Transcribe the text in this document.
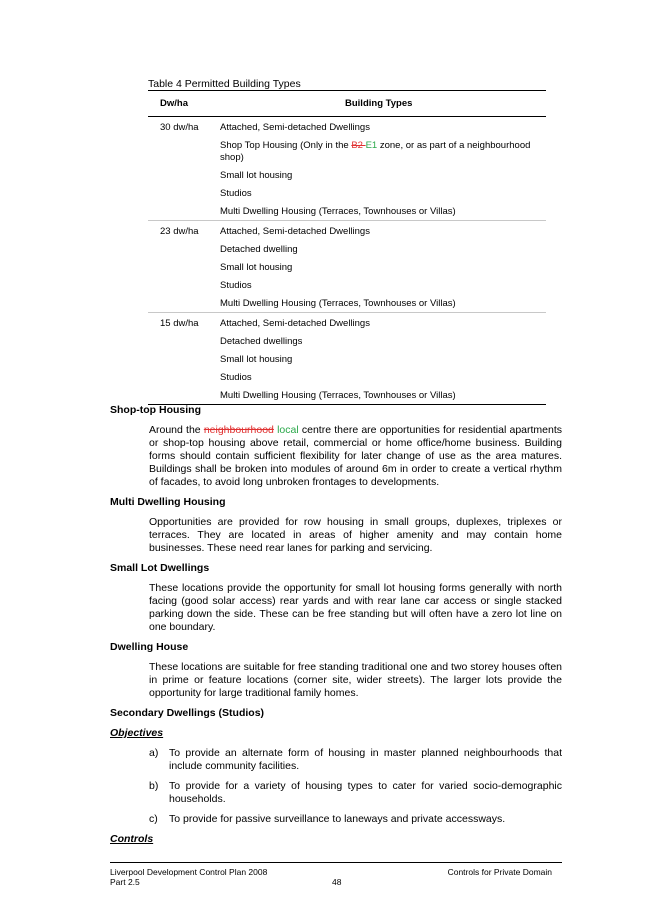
Table 4 Permitted Building Types
Dw/ha	Building Types
30 dw/ha Attached, Semi-detached Dwellings
Shop Top Housing (Only in the B2 E1 zone, or as part of a neighbourhood shop)
Small lot housing
Studios
Multi Dwelling Housing (Terraces, Townhouses or Villas)
23 dw/ha Attached, Semi-detached Dwellings
Detached dwelling
Small lot housing
Studios
Multi Dwelling Housing (Terraces, Townhouses or Villas)
15 dw/ha Attached, Semi-detached Dwellings
Detached dwellings
Small lot housing
Studios
Multi Dwelling Housing (Terraces, Townhouses or Villas)
Shop-top Housing

Around the neighbourhood local centre there are opportunities for residential apartments or shop-top housing above retail, commercial or home office/home business. Building forms should contain sufficient flexibility for later change of use as the area matures. Buildings shall be broken into modules of around 6m in order to create a vertical rhythm of facades, to avoid long unbroken frontages to developments.

Multi Dwelling Housing

Opportunities are provided for row housing in small groups, duplexes, triplexes or terraces. They are located in areas of higher amenity and may contain home businesses. These need rear lanes for parking and servicing.

Small Lot Dwellings

These locations provide the opportunity for small lot housing forms generally with north facing (good solar access) rear yards and with rear lane car access or single stacked parking down the side. These can be free standing but will often have a zero lot line on one boundary.

Dwelling House

These locations are suitable for free standing traditional one and two storey houses often in prime or feature locations (corner site, wider streets). The larger lots provide the opportunity for large traditional family homes.

Secondary Dwellings (Studios)
Objectives
a) To provide an alternate form of housing in master planned neighbourhoods that include community facilities.
b) To provide for a variety of housing types to cater for varied socio-demographic households.
c) To provide for passive surveillance to laneways and private accessways.
Controls
Liverpool Development Control Plan 2008
Part 2.5	48
Controls for Private Domain
